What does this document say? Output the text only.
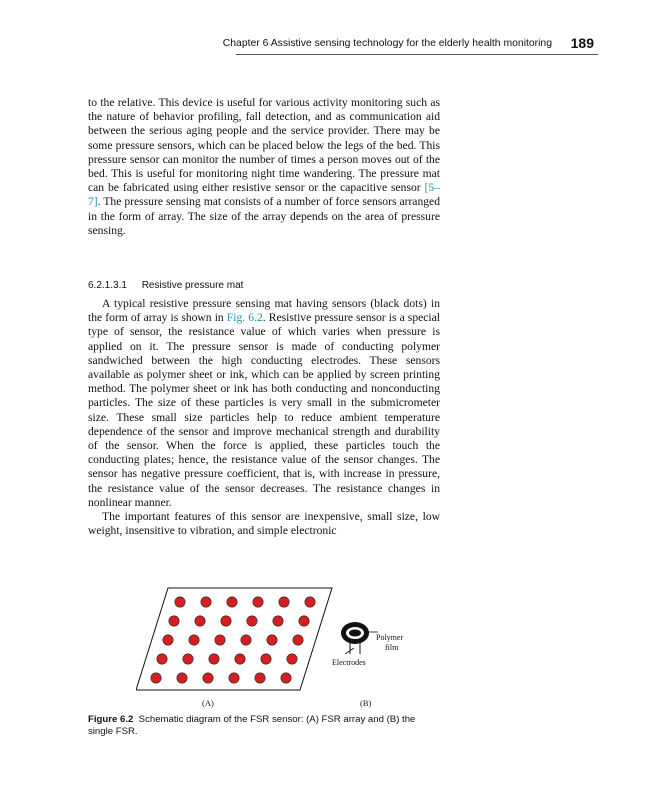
Chapter 6 Assistive sensing technology for the elderly health monitoring 189

to the relative. This device is useful for various activity monitoring such as the nature of behavior profiling, fall detection, and as communication aid between the serious aging people and the service provider. There may be some pressure sensors, which can be placed below the legs of the bed. This pressure sensor can monitor the number of times a person moves out of the bed. This is useful for monitoring night time wandering. The pressure mat can be fabricated using either resistive sensor or the capacitive sensor [5–7]. The pressure sensing mat consists of a number of force sensors arranged in the form of array. The size of the array depends on the area of pressure sensing.

6.2.1.3.1 Resistive pressure mat

A typical resistive pressure sensing mat having sensors (black dots) in the form of array is shown in Fig. 6.2. Resistive pressure sensor is a special type of sensor, the resistance value of which varies when pressure is applied on it. The pressure sensor is made of conducting polymer sandwiched between the high conducting electrodes. These sensors available as polymer sheet or ink, which can be applied by screen printing method. The polymer sheet or ink has both conducting and nonconducting particles. The size of these particles is very small in the submicrometer size. These small size particles help to reduce ambient temperature dependence of the sensor and improve mechanical strength and durability of the sensor. When the force is applied, these particles touch the conducting plates; hence, the resistance value of the sensor changes. The sensor has negative pressure coefficient, that is, with increase in pressure, the resistance value of the sensor decreases. The resistance changes in nonlinear manner.

The important features of this sensor are inexpensive, small size, low weight, insensitive to vibration, and simple electronic

Polymer
film
Electrodes
(A)	(B)
Figure 6.2 Schematic diagram of the FSR sensor: (A) FSR array and (B) the single FSR.
